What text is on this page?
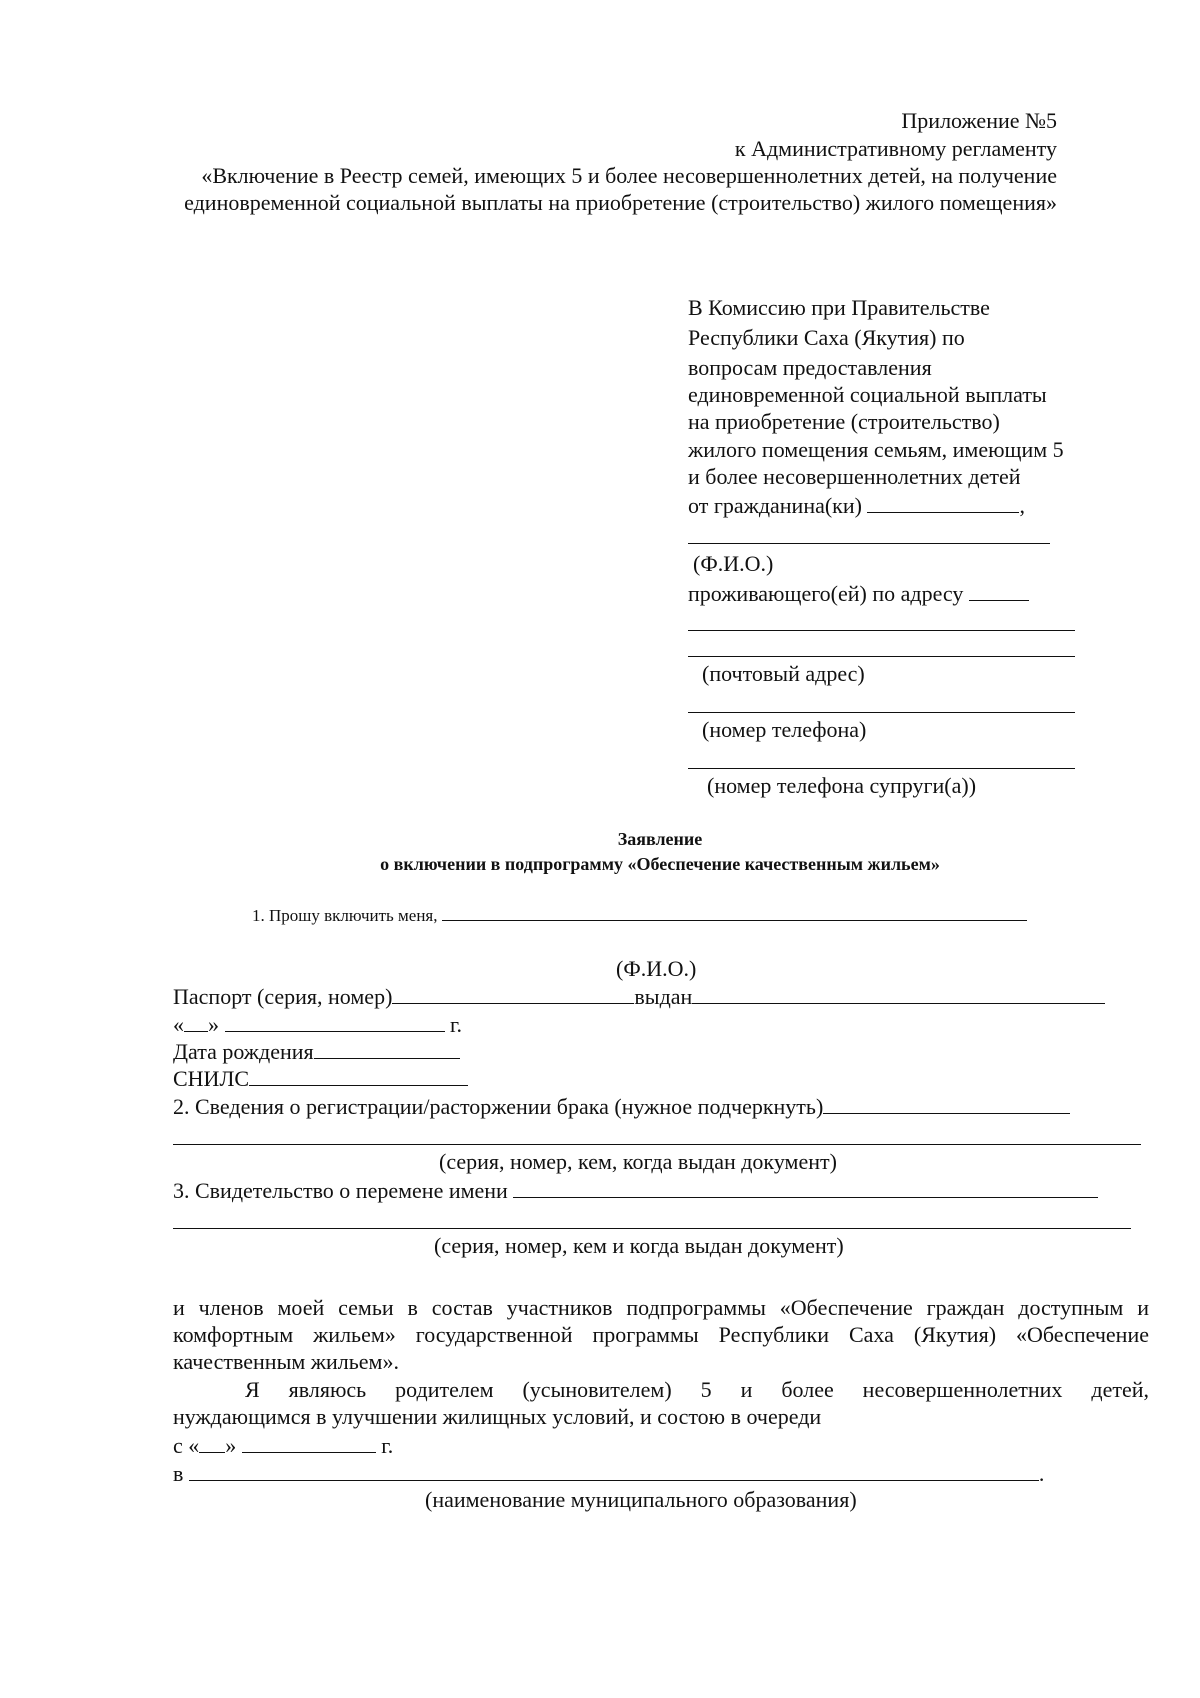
Приложение №5
к Административному регламенту
«Включение в Реестр семей, имеющих 5 и более несовершеннолетних детей, на получение
единовременной социальной выплаты на приобретение (строительство) жилого помещения»
В Комиссию при Правительстве
Республики Саха (Якутия) по
вопросам предоставления
единовременной социальной выплаты
на приобретение (строительство)
жилого помещения семьям, имеющим 5
и более несовершеннолетних детей
от гражданина(ки)	,
(Ф.И.О.)
проживающего(ей) по адресу
(почтовый адрес)
(номер телефона)
(номер телефона супруги(а))
Заявление
о включении в подпрограмму «Обеспечение качественным жильем»
1. Прошу включить меня,
(Ф.И.О.)
Паспорт (серия, номер)	выдан
« »	г.
Дата рождения
СНИЛС
2. Сведения о регистрации/расторжении брака (нужное подчеркнуть)
(серия, номер, кем, когда выдан документ)
3. Свидетельство о перемене имени
(серия, номер, кем и когда выдан документ)
и членов моей семьи в состав участников подпрограммы «Обеспечение граждан доступным и
комфортным жильем» государственной программы Республики Саха (Якутия) «Обеспечение
качественным жильем».
Я являюсь родителем (усыновителем) 5 и более несовершеннолетних детей,
нуждающимся в улучшении жилищных условий, и состою в очереди
с « »	г.
в	.
(наименование муниципального образования)
